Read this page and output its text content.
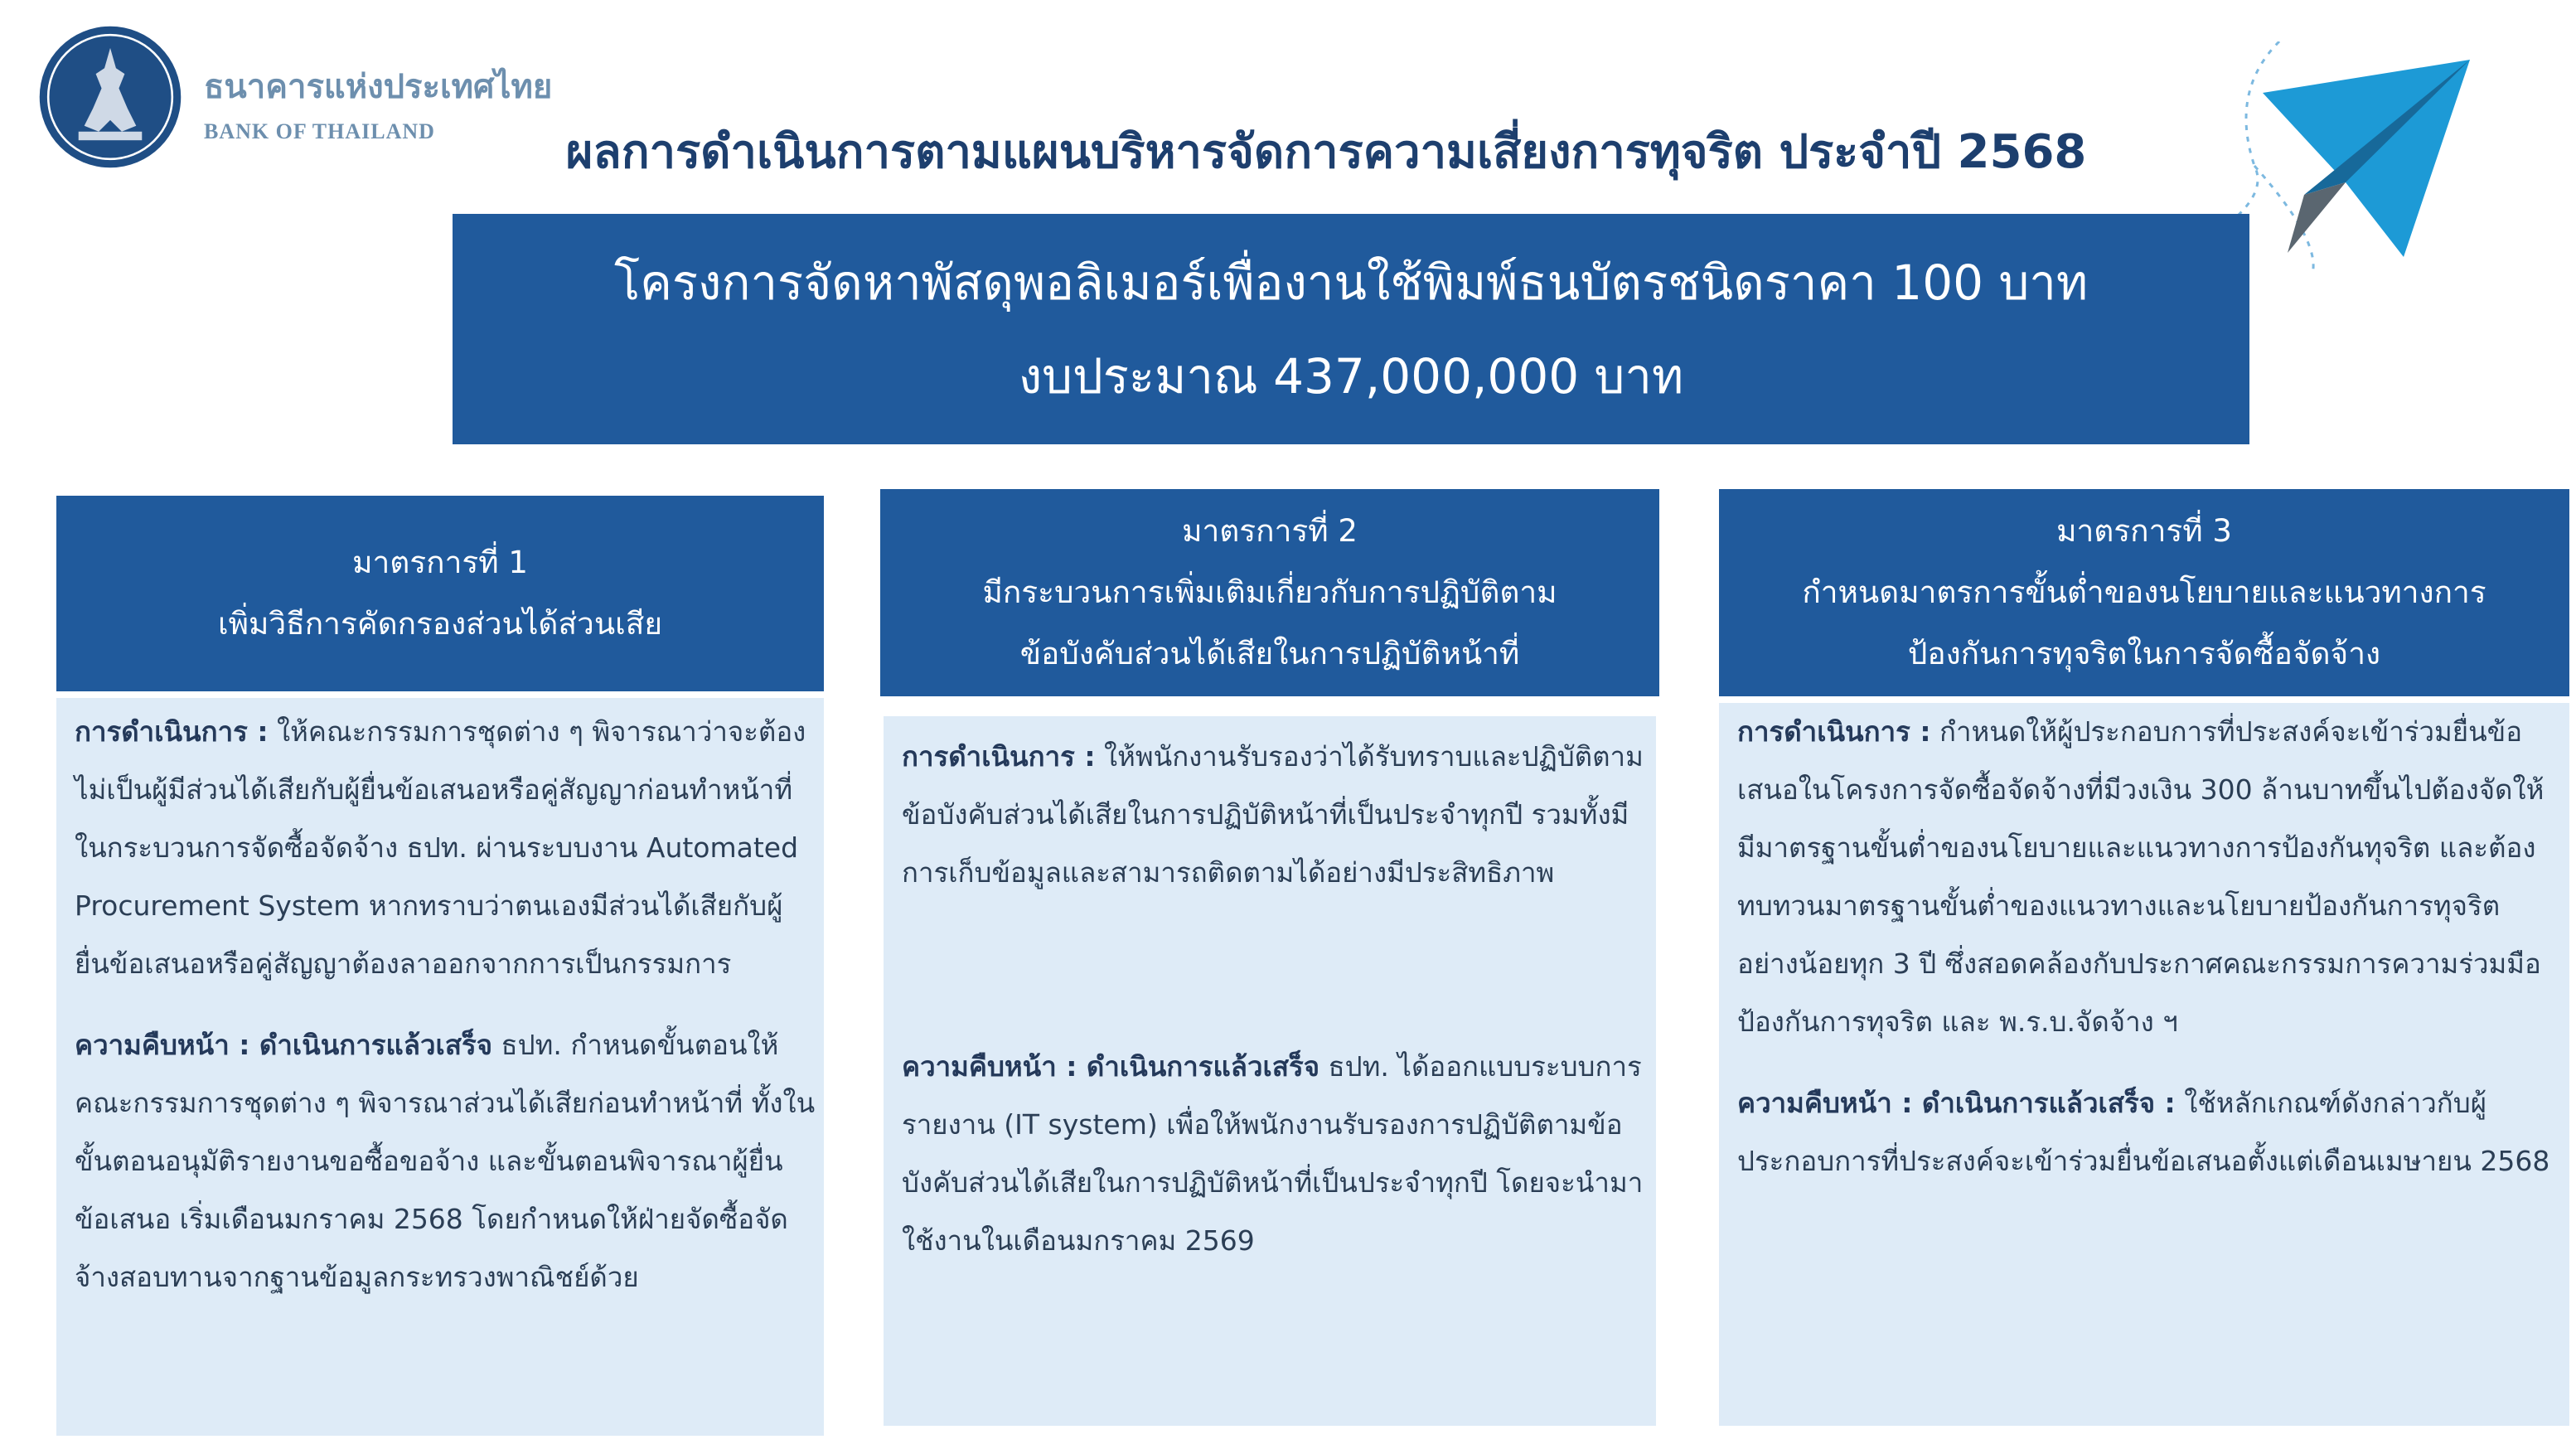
ธนาคารแห่งประเทศไทย
BANK OF THAILAND	ผลการดำเนินการตามแผนบริหารจัดการความเสี่ยงการทุจริต ประจำปี 2568
โครงการจัดหาพัสดุพอลิเมอร์เพื่องานใช้พิมพ์ธนบัตรชนิดราคา 100 บาท
งบประมาณ 437,000,000 บาท
มาตรการที่ 1
เพิ่มวิธีการคัดกรองส่วนได้ส่วนเสีย
การดำเนินการ : ให้คณะกรรมการชุดต่าง ๆ พิจารณาว่าจะต้องไม่เป็นผู้มีส่วนได้เสียกับผู้ยื่นข้อเสนอหรือคู่สัญญาก่อนทำหน้าที่ในกระบวนการจัดซื้อจัดจ้าง ธปท. ผ่านระบบงาน Automated Procurement System หากทราบว่าตนเองมีส่วนได้เสียกับผู้ยื่นข้อเสนอหรือคู่สัญญาต้องลาออกจากการเป็นกรรมการ
ความคืบหน้า : ดำเนินการแล้วเสร็จ ธปท. กำหนดขั้นตอนให้คณะกรรมการชุดต่าง ๆ พิจารณาส่วนได้เสียก่อนทำหน้าที่ ทั้งในขั้นตอนอนุมัติรายงานขอซื้อขอจ้าง และขั้นตอนพิจารณาผู้ยื่นข้อเสนอ เริ่มเดือนมกราคม 2568 โดยกำหนดให้ฝ่ายจัดซื้อจัดจ้างสอบทานจากฐานข้อมูลกระทรวงพาณิชย์ด้วย
มาตรการที่ 2
มีกระบวนการเพิ่มเติมเกี่ยวกับการปฏิบัติตาม
ข้อบังคับส่วนได้เสียในการปฏิบัติหน้าที่
การดำเนินการ : ให้พนักงานรับรองว่าได้รับทราบและปฏิบัติตามข้อบังคับส่วนได้เสียในการปฏิบัติหน้าที่เป็นประจำทุกปี รวมทั้งมีการเก็บข้อมูลและสามารถติดตามได้อย่างมีประสิทธิภาพ
ความคืบหน้า : ดำเนินการแล้วเสร็จ ธปท. ได้ออกแบบระบบการรายงาน (IT system) เพื่อให้พนักงานรับรองการปฏิบัติตามข้อบังคับส่วนได้เสียในการปฏิบัติหน้าที่เป็นประจำทุกปี โดยจะนำมาใช้งานในเดือนมกราคม 2569
มาตรการที่ 3
กำหนดมาตรการขั้นต่ำของนโยบายและแนวทางการ
ป้องกันการทุจริตในการจัดซื้อจัดจ้าง
การดำเนินการ : กำหนดให้ผู้ประกอบการที่ประสงค์จะเข้าร่วมยื่นข้อเสนอในโครงการจัดซื้อจัดจ้างที่มีวงเงิน 300 ล้านบาทขึ้นไปต้องจัดให้มีมาตรฐานขั้นต่ำของนโยบายและแนวทางการป้องกันทุจริต และต้องทบทวนมาตรฐานขั้นต่ำของแนวทางและนโยบายป้องกันการทุจริตอย่างน้อยทุก 3 ปี ซึ่งสอดคล้องกับประกาศคณะกรรมการความร่วมมือป้องกันการทุจริต และ พ.ร.บ.จัดจ้าง ฯ
ความคืบหน้า : ดำเนินการแล้วเสร็จ : ใช้หลักเกณฑ์ดังกล่าวกับผู้ประกอบการที่ประสงค์จะเข้าร่วมยื่นข้อเสนอตั้งแต่เดือนเมษายน 2568
